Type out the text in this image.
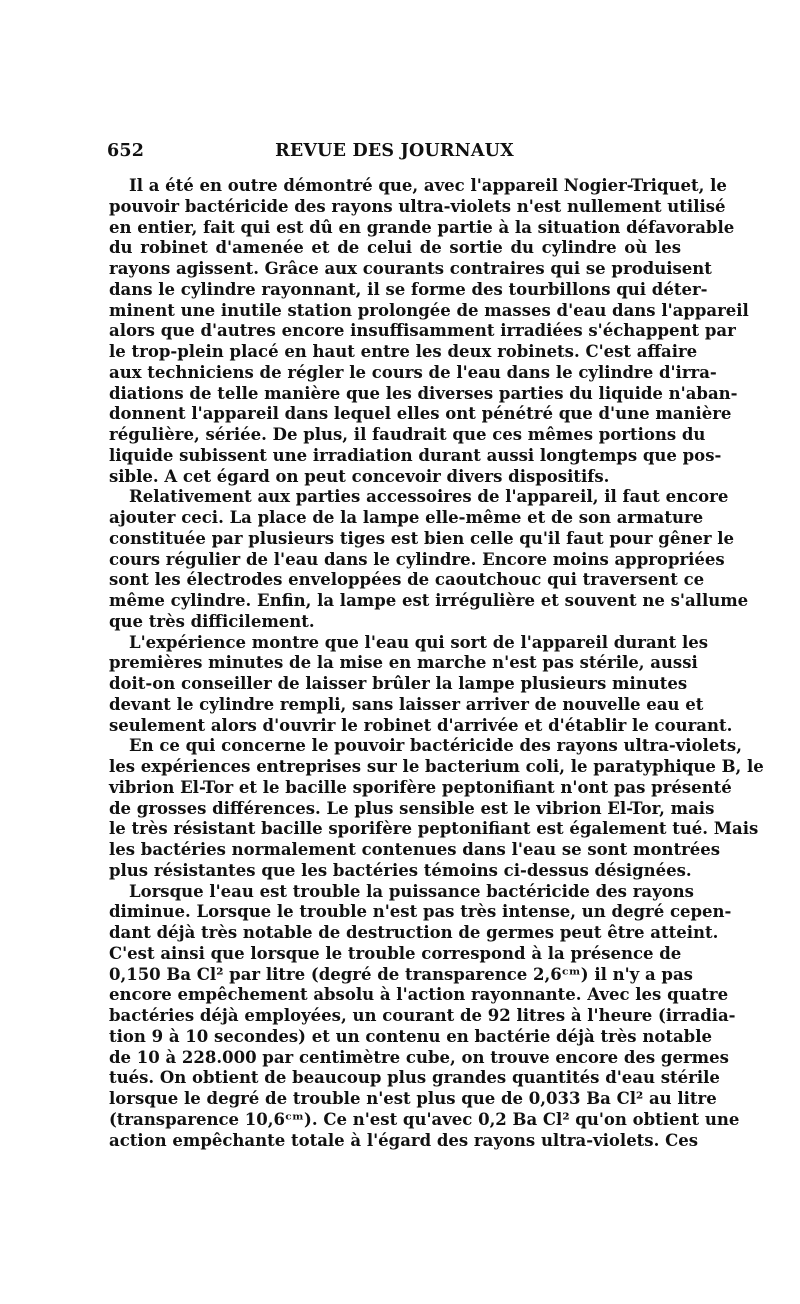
652	REVUE DES JOURNAUX
Il a été en outre démontré que, avec l'appareil Nogier-Triquet, le
pouvoir bactéricide des rayons ultra-violets n'est nullement utilisé
en entier, fait qui est dû en grande partie à la situation défavorable
du robinet d'amenée et de celui de sortie du cylindre où les
rayons agissent. Grâce aux courants contraires qui se produisent
dans le cylindre rayonnant, il se forme des tourbillons qui déter-
minent une inutile station prolongée de masses d'eau dans l'appareil
alors que d'autres encore insuffisamment irradiées s'échappent par
le trop-plein placé en haut entre les deux robinets. C'est affaire
aux techniciens de régler le cours de l'eau dans le cylindre d'irra-
diations de telle manière que les diverses parties du liquide n'aban-
donnent l'appareil dans lequel elles ont pénétré que d'une manière
régulière, sériée. De plus, il faudrait que ces mêmes portions du
liquide subissent une irradiation durant aussi longtemps que pos-
sible. A cet égard on peut concevoir divers dispositifs.
Relativement aux parties accessoires de l'appareil, il faut encore
ajouter ceci. La place de la lampe elle-même et de son armature
constituée par plusieurs tiges est bien celle qu'il faut pour gêner le
cours régulier de l'eau dans le cylindre. Encore moins appropriées
sont les électrodes enveloppées de caoutchouc qui traversent ce
même cylindre. Enfin, la lampe est irrégulière et souvent ne s'allume
que très difficilement.
L'expérience montre que l'eau qui sort de l'appareil durant les
premières minutes de la mise en marche n'est pas stérile, aussi
doit-on conseiller de laisser brûler la lampe plusieurs minutes
devant le cylindre rempli, sans laisser arriver de nouvelle eau et
seulement alors d'ouvrir le robinet d'arrivée et d'établir le courant.
En ce qui concerne le pouvoir bactéricide des rayons ultra-violets,
les expériences entreprises sur le bacterium coli, le paratyphique B, le
vibrion El-Tor et le bacille sporifère peptonifiant n'ont pas présenté
de grosses différences. Le plus sensible est le vibrion El-Tor, mais
le très résistant bacille sporifère peptonifiant est également tué. Mais
les bactéries normalement contenues dans l'eau se sont montrées
plus résistantes que les bactéries témoins ci-dessus désignées.
Lorsque l'eau est trouble la puissance bactéricide des rayons
diminue. Lorsque le trouble n'est pas très intense, un degré cepen-
dant déjà très notable de destruction de germes peut être atteint.
C'est ainsi que lorsque le trouble correspond à la présence de
0,150 Ba Cl² par litre (degré de transparence 2,6ᶜᵐ) il n'y a pas
encore empêchement absolu à l'action rayonnante. Avec les quatre
bactéries déjà employées, un courant de 92 litres à l'heure (irradia-
tion 9 à 10 secondes) et un contenu en bactérie déjà très notable
de 10 à 228.000 par centimètre cube, on trouve encore des germes
tués. On obtient de beaucoup plus grandes quantités d'eau stérile
lorsque le degré de trouble n'est plus que de 0,033 Ba Cl² au litre
(transparence 10,6ᶜᵐ). Ce n'est qu'avec 0,2 Ba Cl² qu'on obtient une
action empêchante totale à l'égard des rayons ultra-violets. Ces
